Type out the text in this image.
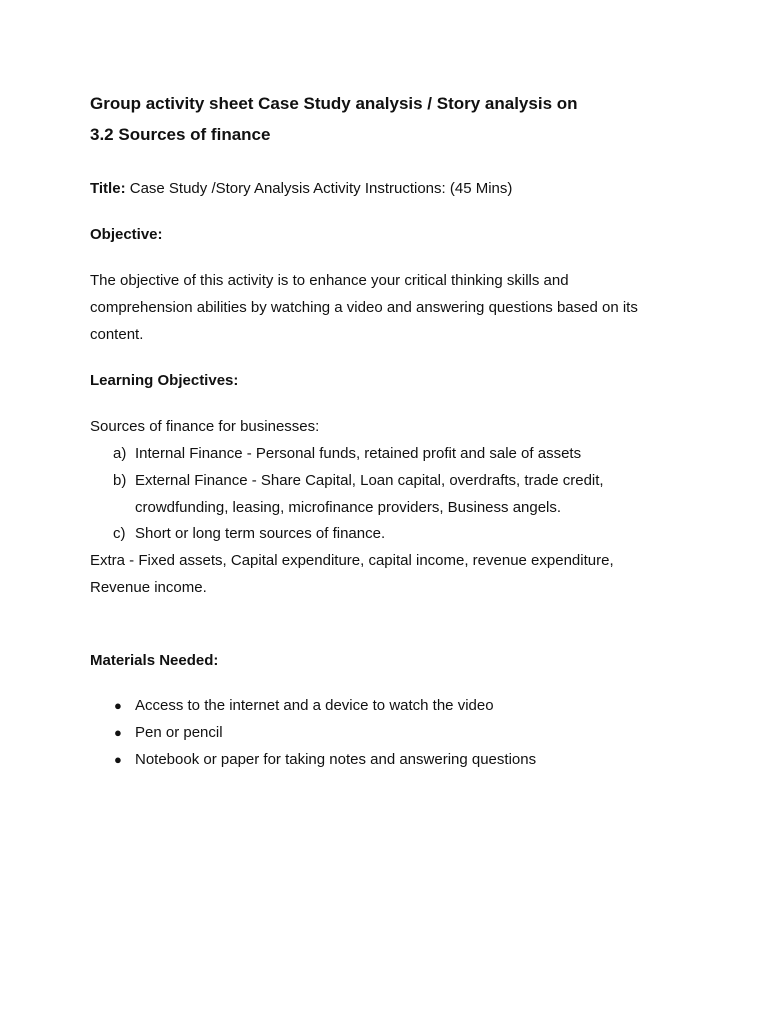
Group activity sheet Case Study analysis / Story analysis on

3.2 Sources of finance

Title: Case Study /Story Analysis Activity Instructions: (45 Mins)

Objective:

The objective of this activity is to enhance your critical thinking skills and

comprehension abilities by watching a video and answering questions based on its

content.

Learning Objectives:

Sources of finance for businesses:

a) Internal Finance - Personal funds, retained profit and sale of assets
b) External Finance - Share Capital, Loan capital, overdrafts, trade credit,
crowdfunding, leasing, microfinance providers, Business angels.
c) Short or long term sources of finance.

Extra - Fixed assets, Capital expenditure, capital income, revenue expenditure,

Revenue income.

Materials Needed:

● Access to the internet and a device to watch the video
● Pen or pencil
● Notebook or paper for taking notes and answering questions
